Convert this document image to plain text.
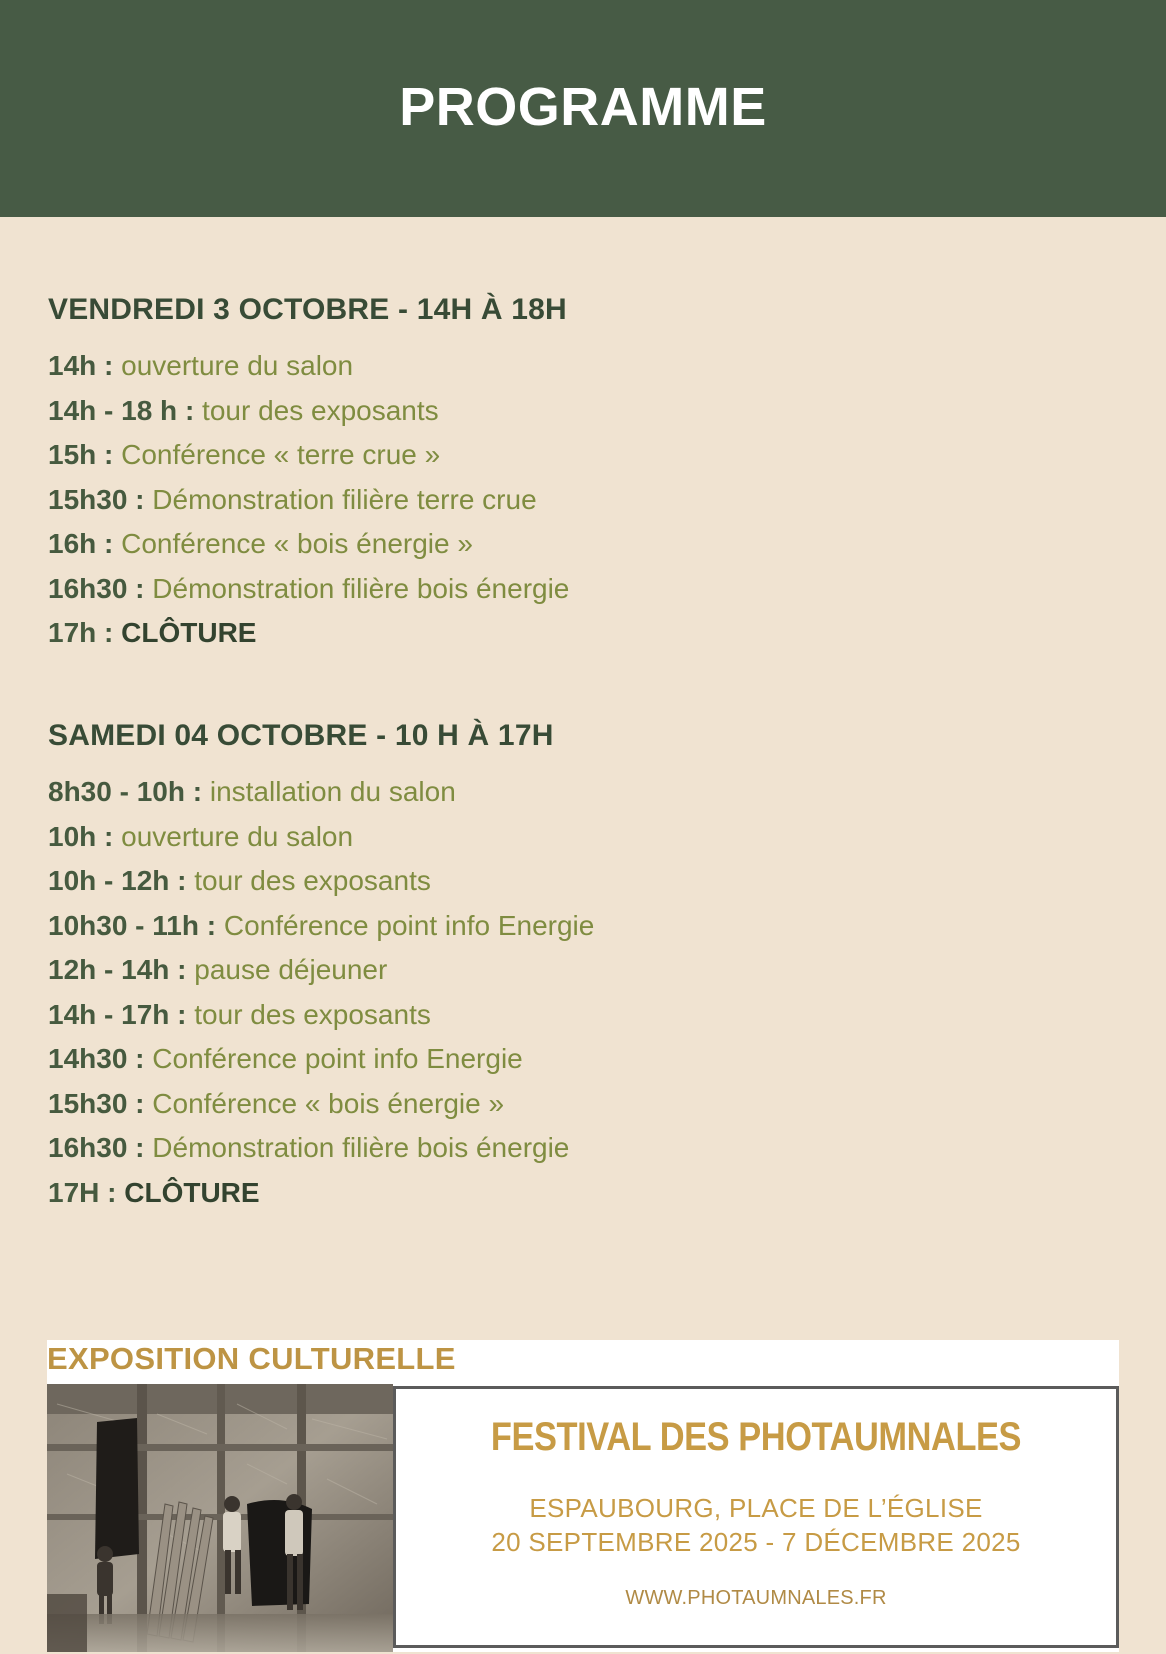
PROGRAMME
VENDREDI 3 OCTOBRE - 14H À 18H
14h : ouverture du salon
14h - 18 h : tour des exposants
15h : Conférence « terre crue »
15h30 : Démonstration filière terre crue
16h : Conférence « bois énergie »
16h30 : Démonstration filière bois énergie
17h : CLÔTURE
SAMEDI 04 OCTOBRE - 10 H À 17H
8h30 - 10h : installation du salon
10h : ouverture du salon
10h - 12h : tour des exposants
10h30 - 11h : Conférence point info Energie
12h - 14h : pause déjeuner
14h - 17h : tour des exposants
14h30 : Conférence point info Energie
15h30 : Conférence « bois énergie »
16h30 : Démonstration filière bois énergie
17H : CLÔTURE
EXPOSITION CULTURELLE
FESTIVAL DES PHOTAUMNALES
ESPAUBOURG, PLACE DE L’ÉGLISE
20 SEPTEMBRE 2025 - 7 DÉCEMBRE 2025
WWW.PHOTAUMNALES.FR
